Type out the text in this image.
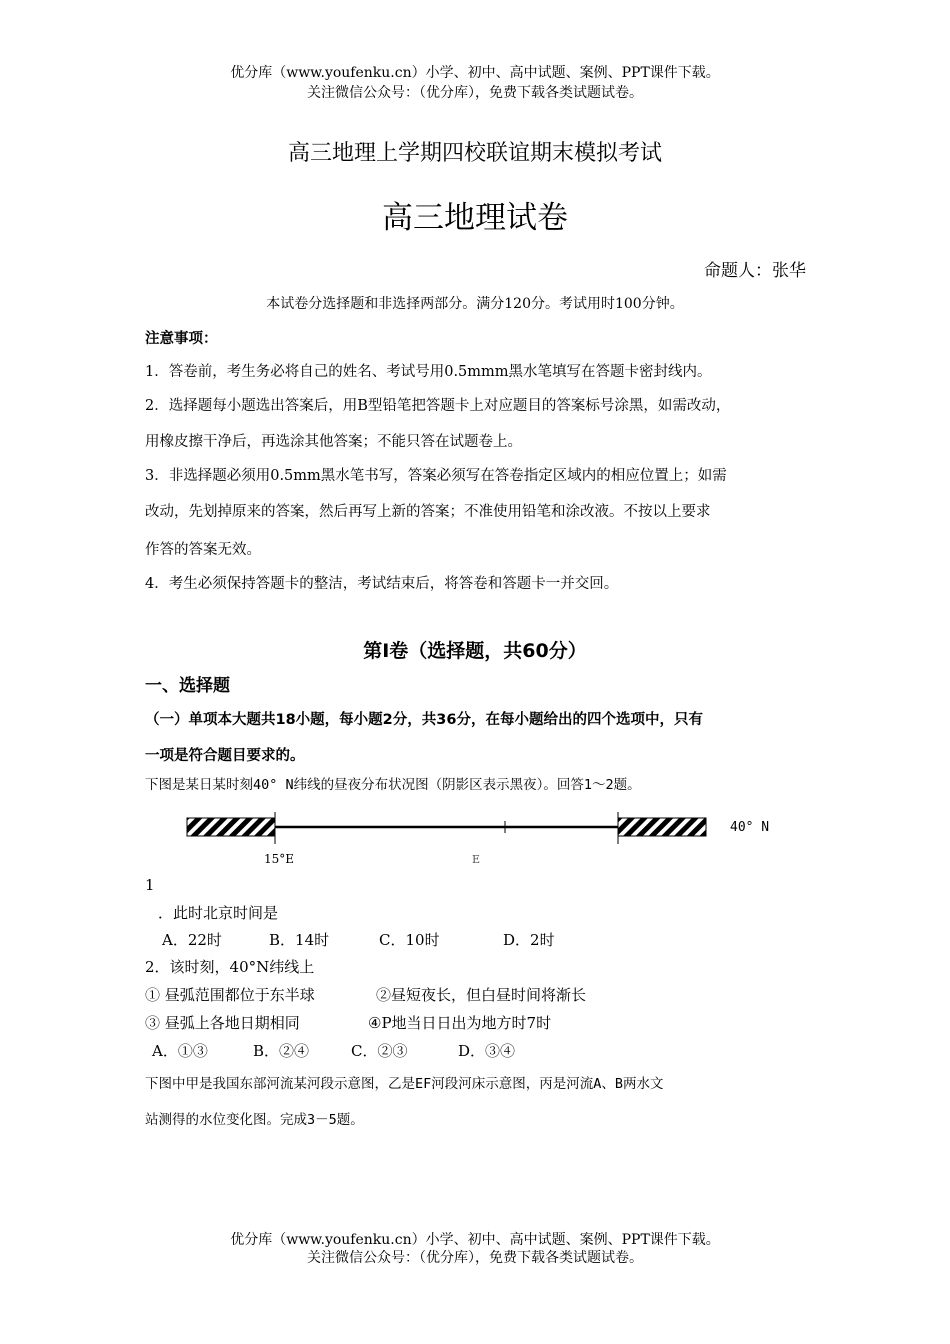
优分库（www.youfenku.cn）小学、初中、高中试题、案例、PPT课件下载。
关注微信公众号：（优分库），免费下载各类试题试卷。
高三地理上学期四校联谊期末模拟考试
高三地理试卷
命题人：张华
本试卷分选择题和非选择两部分。满分120分。考试用时100分钟。
注意事项：
1．答卷前，考生务必将自己的姓名、考试号用0.5mmm黑水笔填写在答题卡密封线内。
2．选择题每小题选出答案后，用B型铅笔把答题卡上对应题目的答案标号涂黑，如需改动，
用橡皮擦干净后，再选涂其他答案；不能只答在试题卷上。
3．非选择题必须用0.5mm黑水笔书写，答案必须写在答卷指定区域内的相应位置上；如需
改动，先划掉原来的答案，然后再写上新的答案；不准使用铅笔和涂改液。不按以上要求
作答的答案无效。
4．考生必须保持答题卡的整洁，考试结束后，将答卷和答题卡一并交回。
第Ⅰ卷（选择题，共60分）
一、选择题
（一）单项本大题共18小题，每小题2分，共36分，在每小题给出的四个选项中，只有
一项是符合题目要求的。
下图是某日某时刻40° N纬线的昼夜分布状况图（阴影区表示黑夜）。回答1～2题。
40° N
15°E	E
1
．此时北京时间是
A．22时	B．14时	C．10时	D．2时
2．该时刻，40°N纬线上
① 昼弧范围都位于东半球	②昼短夜长，但白昼时间将渐长
③ 昼弧上各地日期相同	④P地当日日出为地方时7时
A．①③	B．②④	C．②③	D．③④
下图中甲是我国东部河流某河段示意图，乙是EF河段河床示意图，丙是河流A、B两水文
站测得的水位变化图。完成3－5题。
优分库（www.youfenku.cn）小学、初中、高中试题、案例、PPT课件下载。
关注微信公众号：（优分库），免费下载各类试题试卷。
